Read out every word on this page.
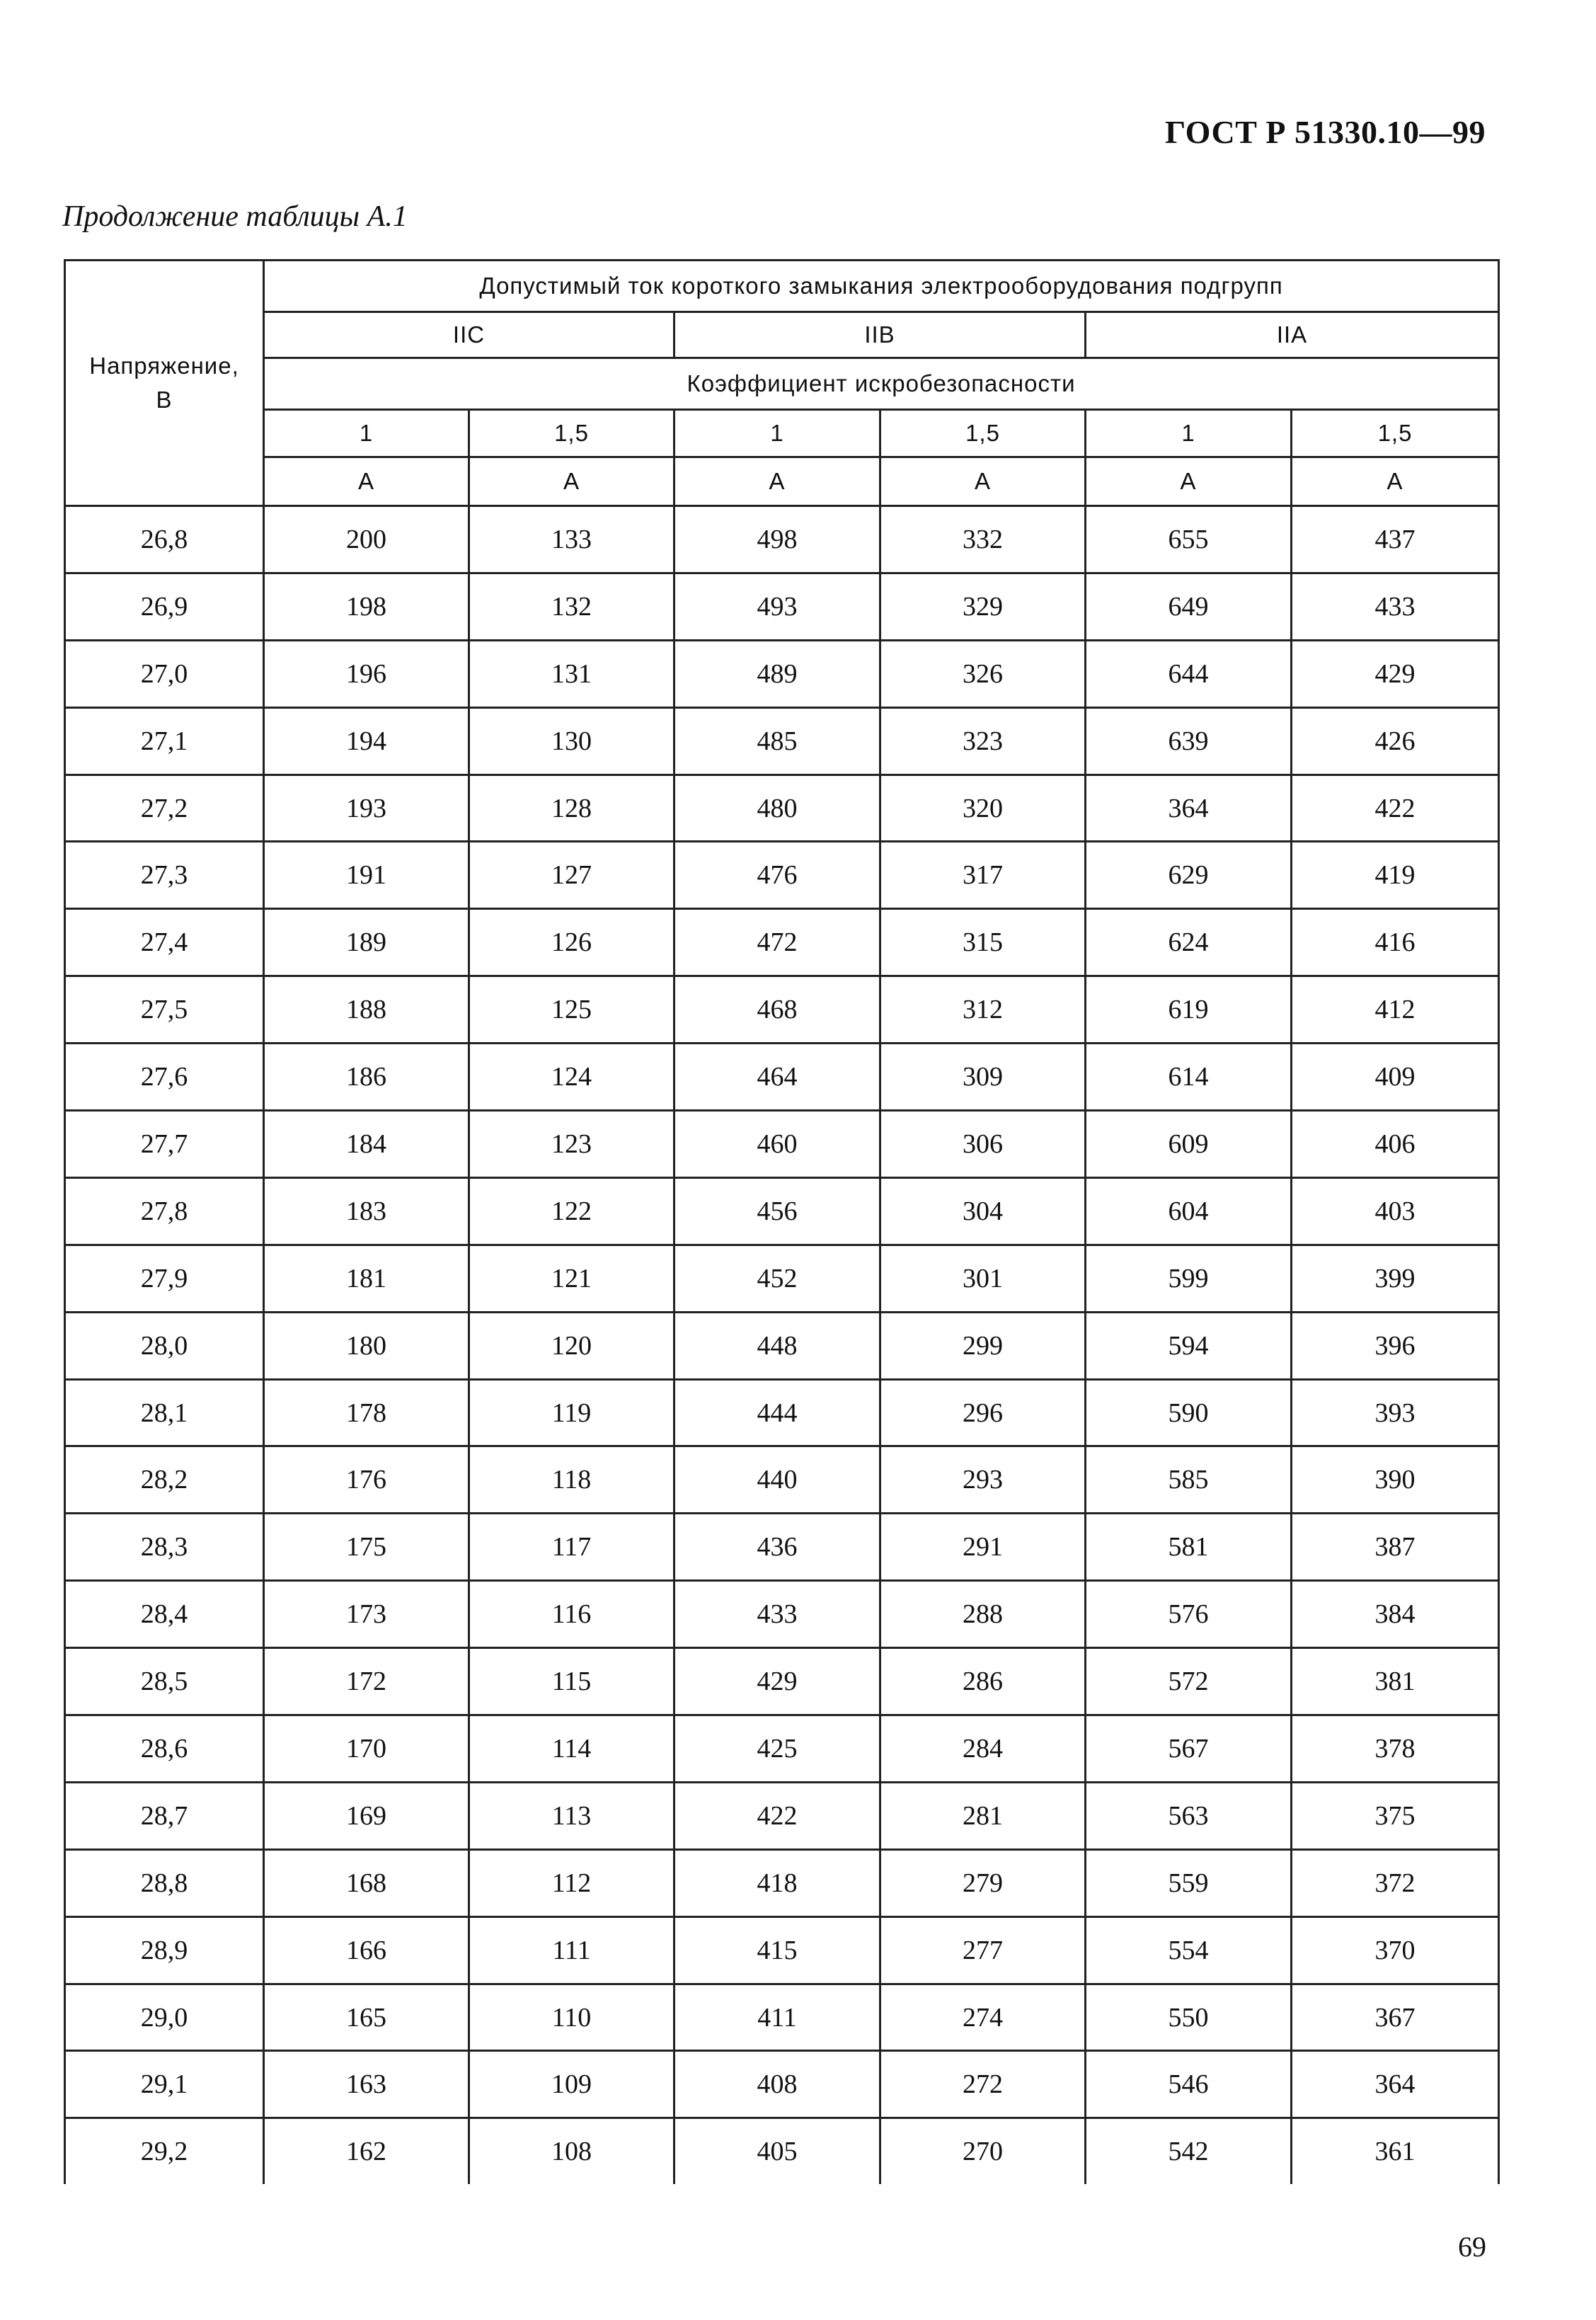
ГОСТ Р 51330.10—99
Продолжение таблицы А.1
Напряжение,
В	Допустимый ток короткого замыкания электрооборудования подгрупп					
	IIC		IIB		IIA	
	Коэффициент искробезопасности					
	1	1,5	1	1,5	1	1,5
	А	А	А	А	А	А
26,8	200	133	498	332	655	437
26,9	198	132	493	329	649	433
27,0	196	131	489	326	644	429
27,1	194	130	485	323	639	426
27,2	193	128	480	320	364	422
27,3	191	127	476	317	629	419
27,4	189	126	472	315	624	416
27,5	188	125	468	312	619	412
27,6	186	124	464	309	614	409
27,7	184	123	460	306	609	406
27,8	183	122	456	304	604	403
27,9	181	121	452	301	599	399
28,0	180	120	448	299	594	396
28,1	178	119	444	296	590	393
28,2	176	118	440	293	585	390
28,3	175	117	436	291	581	387
28,4	173	116	433	288	576	384
28,5	172	115	429	286	572	381
28,6	170	114	425	284	567	378
28,7	169	113	422	281	563	375
28,8	168	112	418	279	559	372
28,9	166	111	415	277	554	370
29,0	165	110	411	274	550	367
29,1	163	109	408	272	546	364
29,2	162	108	405	270	542	361
69
